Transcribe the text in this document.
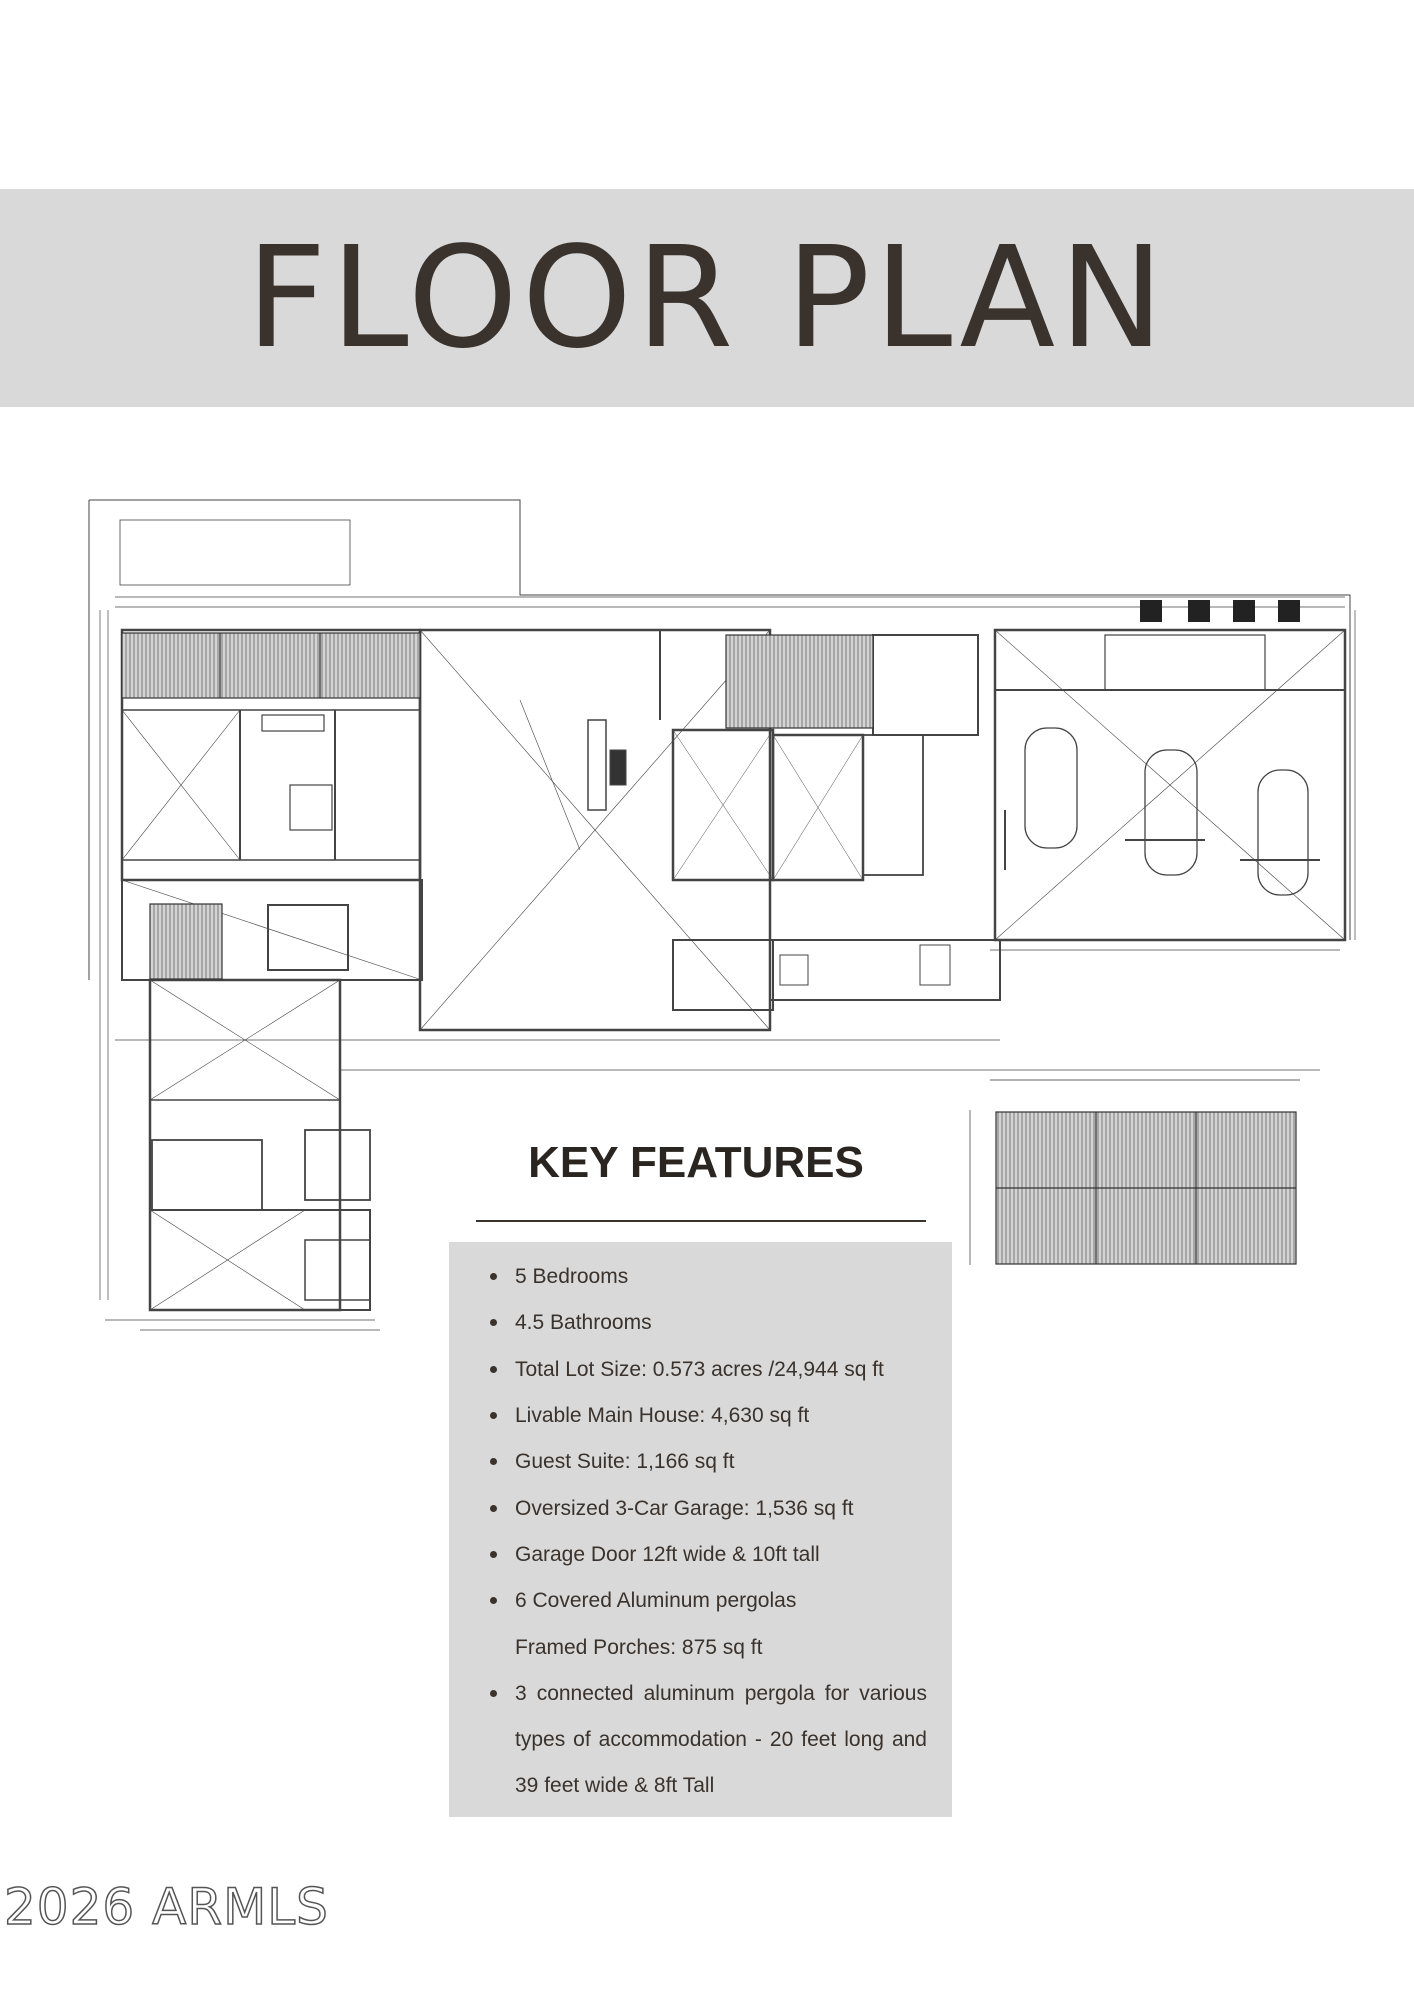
FLOOR PLAN
KEY FEATURES
5 Bedrooms
4.5 Bathrooms
Total Lot Size: 0.573 acres /24,944 sq ft
Livable Main House: 4,630 sq ft
Guest Suite: 1,166 sq ft
Oversized 3-Car Garage: 1,536 sq ft
Garage Door 12ft wide & 10ft tall
6 Covered Aluminum pergolas
Framed Porches: 875 sq ft
3 connected aluminum pergola for various types of accommodation - 20 feet long and 39 feet wide & 8ft Tall
2026 ARMLS
